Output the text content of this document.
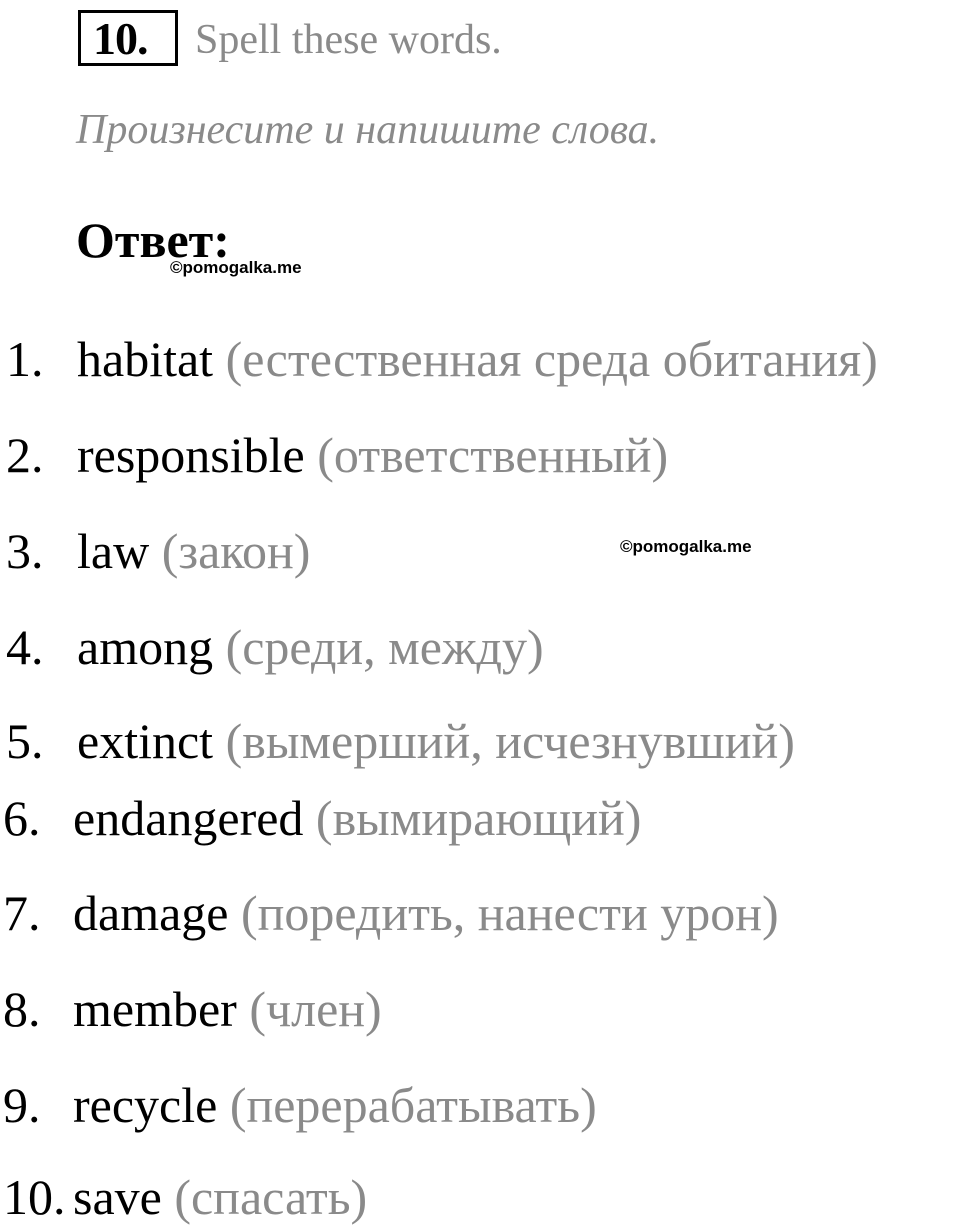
10.	Spell these words.
Произнесите и напишите слова.
Ответ:
©pomogalka.me
©pomogalka.me
1. habitat (естественная среда обитания)
2. responsible (ответственный)
3. law (закон)
4. among (среди, между)
5. extinct (вымерший, исчезнувший)
6. endangered (вымирающий)
7. damage (поредить, нанести урон)
8. member (член)
9. recycle (перерабатывать)
10. save (спасать)
